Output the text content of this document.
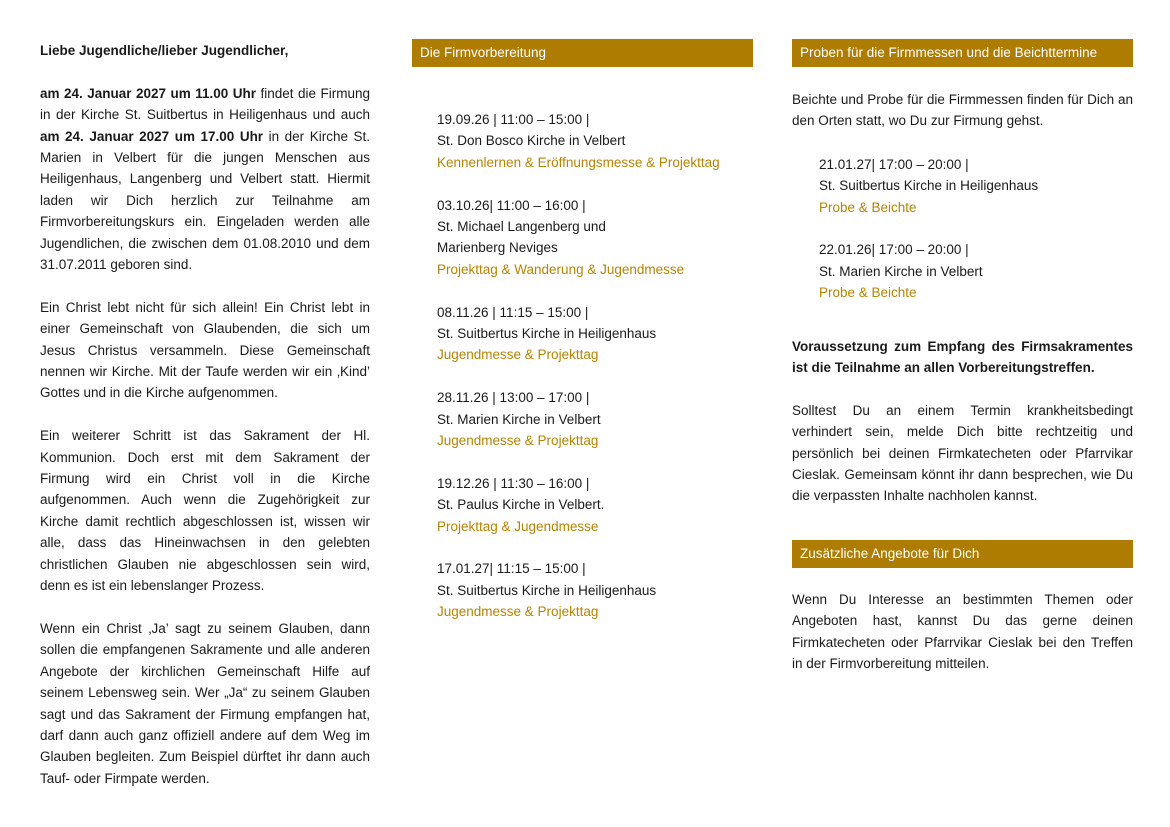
Liebe Jugendliche/lieber Jugendlicher,

am 24. Januar 2027 um 11.00 Uhr findet die Firmung in der Kirche St. Suitbertus in Heiligenhaus und auch am 24. Januar 2027 um 17.00 Uhr in der Kirche St. Marien in Velbert für die jungen Menschen aus Heiligenhaus, Langenberg und Velbert statt. Hiermit laden wir Dich herzlich zur Teilnahme am Firmvorbereitungskurs ein. Eingeladen werden alle Jugendlichen, die zwischen dem 01.08.2010 und dem 31.07.2011 geboren sind.

Ein Christ lebt nicht für sich allein! Ein Christ lebt in einer Gemeinschaft von Glaubenden, die sich um Jesus Christus versammeln. Diese Gemeinschaft nennen wir Kirche. Mit der Taufe werden wir ein ‚Kind’ Gottes und in die Kirche aufgenommen.

Ein weiterer Schritt ist das Sakrament der Hl. Kommunion. Doch erst mit dem Sakrament der Firmung wird ein Christ voll in die Kirche aufgenommen. Auch wenn die Zugehörigkeit zur Kirche damit rechtlich abgeschlossen ist, wissen wir alle, dass das Hineinwachsen in den gelebten christlichen Glauben nie abgeschlossen sein wird, denn es ist ein lebenslanger Prozess.

Wenn ein Christ ‚Ja’ sagt zu seinem Glauben, dann sollen die empfangenen Sakramente und alle anderen Angebote der kirchlichen Gemeinschaft Hilfe auf seinem Lebensweg sein. Wer „Ja“ zu seinem Glauben sagt und das Sakrament der Firmung empfangen hat, darf dann auch ganz offiziell andere auf dem Weg im Glauben begleiten. Zum Beispiel dürftet ihr dann auch Tauf- oder Firmpate werden.

Die Firmvorbereitung

19.09.26 | 11:00 – 15:00 |

St. Don Bosco Kirche in Velbert

Kennenlernen & Eröffnungsmesse & Projekttag

03.10.26| 11:00 – 16:00 |

St. Michael Langenberg und

Marienberg Neviges

Projekttag & Wanderung & Jugendmesse

08.11.26 | 11:15 – 15:00 |

St. Suitbertus Kirche in Heiligenhaus

Jugendmesse & Projekttag

28.11.26 | 13:00 – 17:00 |

St. Marien Kirche in Velbert

Jugendmesse & Projekttag

19.12.26 | 11:30 – 16:00 |

St. Paulus Kirche in Velbert.

Projekttag & Jugendmesse

17.01.27| 11:15 – 15:00 |

St. Suitbertus Kirche in Heiligenhaus

Jugendmesse & Projekttag

Proben für die Firmmessen und die Beichttermine

Beichte und Probe für die Firmmessen finden für Dich an den Orten statt, wo Du zur Firmung gehst.

21.01.27| 17:00 – 20:00 |

St. Suitbertus Kirche in Heiligenhaus

Probe & Beichte

22.01.26| 17:00 – 20:00 |

St. Marien Kirche in Velbert

Probe & Beichte

Voraussetzung zum Empfang des Firmsakramentes ist die Teilnahme an allen Vorbereitungstreffen.

Solltest Du an einem Termin krankheitsbedingt verhindert sein, melde Dich bitte rechtzeitig und persönlich bei deinen Firmkatecheten oder Pfarrvikar Cieslak. Gemeinsam könnt ihr dann besprechen, wie Du die verpassten Inhalte nachholen kannst.

Zusätzliche Angebote für Dich

Wenn Du Interesse an bestimmten Themen oder Angeboten hast, kannst Du das gerne deinen Firmkatecheten oder Pfarrvikar Cieslak bei den Treffen in der Firmvorbereitung mitteilen.
